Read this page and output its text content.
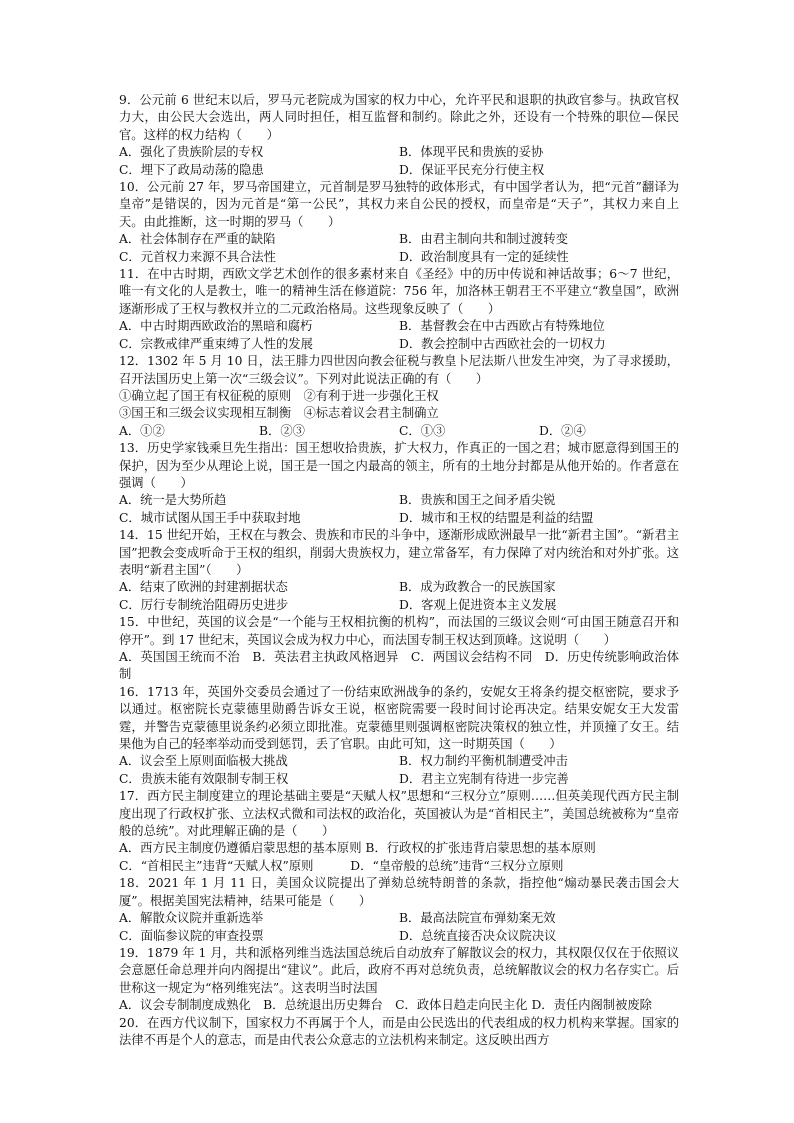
9．公元前 6 世纪末以后，罗马元老院成为国家的权力中心，允许平民和退职的执政官参与。执政官权力大，由公民大会选出，两人同时担任，相互监督和制约。除此之外，还设有一个特殊的职位—保民官。这样的权力结构（　　）

A．强化了贵族阶层的专权	B．体现平民和贵族的妥协
C．埋下了政局动荡的隐患	D．保证平民充分行使主权

10．公元前 27 年，罗马帝国建立，元首制是罗马独特的政体形式，有中国学者认为，把“元首”翻译为皇帝”是错误的，因为元首是“第一公民”，其权力来自公民的授权，而皇帝是“天子”，其权力来自上天。由此推断，这一时期的罗马（　　）

A．社会体制存在严重的缺陷	B．由君主制向共和制过渡转变
C．元首权力来源不具合法性	D．政治制度具有一定的延续性

11．在中古时期，西欧文学艺术创作的很多素材来自《圣经》中的历中传说和神话故事；6～7 世纪，唯一有文化的人是教士，唯一的精神生活在修道院：756 年，加洛林王朝君王不平建立“教皇国”，欧洲逐渐形成了王权与教权并立的二元政治格局。这些现象反映了（　　）

A．中古时期西欧政治的黑暗和腐朽	B．基督教会在中古西欧占有特殊地位
C．宗教戒律严重束缚了人性的发展	D．教会控制中古西欧社会的一切权力

12．1302 年 5 月 10 日，法王腓力四世因向教会征税与教皇卜尼法斯八世发生冲突，为了寻求援助，召开法国历史上第一次“三级会议”。下列对此说法正确的有（　　）

①确立起了国王有权征税的原则　②有利于进一步强化王权

③国王和三级会议实现相互制衡　④标志着议会君主制确立

A．①②	B．②③	C．①③	D．②④

13．历史学家钱乘旦先生指出：国王想收拾贵族，扩大权力，作真正的一国之君；城市愿意得到国王的保护，因为至少从理论上说，国王是一国之内最高的领主，所有的土地分封都是从他开始的。作者意在强调（　　）

A．统一是大势所趋	B．贵族和国王之间矛盾尖锐
C．城市试图从国王手中获取封地	D．城市和王权的结盟是利益的结盟

14．15 世纪开始，王权在与教会、贵族和市民的斗争中，逐渐形成欧洲最早一批“新君主国”。“新君主国”把教会变成听命于王权的组织，削弱大贵族权力，建立常备军，有力保障了对内统治和对外扩张。这表明“新君主国”（　　）

A．结束了欧洲的封建割据状态	B．成为政教合一的民族国家
C．厉行专制统治阻碍历史进步	D．客观上促进资本主义发展

15．中世纪，英国的议会是“一个能与王权相抗衡的机构”，而法国的三级议会则“可由国王随意召开和停开”。到 17 世纪末，英国议会成为权力中心，而法国专制王权达到顶峰。这说明（　　）

A．英国国王统而不治　B．英法君主执政风格迥异　C．两国议会结构不同　D．历史传统影响政治体制

16．1713 年，英国外交委员会通过了一份结束欧洲战争的条约，安妮女王将条约提交枢密院，要求予以通过。枢密院长克蒙德里勋爵告诉女王说，枢密院需要一段时间讨论再决定。结果安妮女王大发雷霆，并警告克蒙德里说条约必须立即批准。克蒙德里则强调枢密院决策权的独立性，并顶撞了女王。结果他为自己的轻率举动而受到惩罚，丢了官职。由此可知，这一时期英国（　　）

A．议会至上原则面临极大挑战	B．权力制约平衡机制遭受冲击
C．贵族未能有效限制专制王权	D．君主立宪制有待进一步完善

17．西方民主制度建立的理论基础主要是“天赋人权”思想和“三权分立”原则……但英美现代西方民主制度出现了行政权扩张、立法权式微和司法权的政治化，英国被认为是“首相民主”，美国总统被称为“皇帝般的总统”。对此理解正确的是（　　）

A．西方民主制度仍遵循启蒙思想的基本原则 B．行政权的扩张违背启蒙思想的基本原则

C．“首相民主”违背“天赋人权”原则　　　D．“皇帝般的总统”违背“三权分立原则

18．2021 年 1 月 11 日，美国众议院提出了弹劾总统特朗普的条款，指控他“煽动暴民袭击国会大厦”。根据美国宪法精神，结果可能是（　　）

A．解散众议院并重新选举	B．最高法院宣布弹劾案无效
C．面临参议院的审查投票	D．总统直接否决众议院决议

19．1879 年 1 月，共和派格列维当选法国总统后自动放弃了解散议会的权力，其权限仅仅在于依照议会意愿任命总理并向内阁提出“建议”。此后，政府不再对总统负责，总统解散议会的权力名存实亡。后世称这一规定为“格列维宪法”。这表明当时法国

A．议会专制制度成熟化　B．总统退出历史舞台　C．政体日趋走向民主化 D．责任内阁制被废除

20．在西方代议制下，国家权力不再属于个人，而是由公民选出的代表组成的权力机构来掌握。国家的法律不再是个人的意志，而是由代表公众意志的立法机构来制定。这反映出西方
